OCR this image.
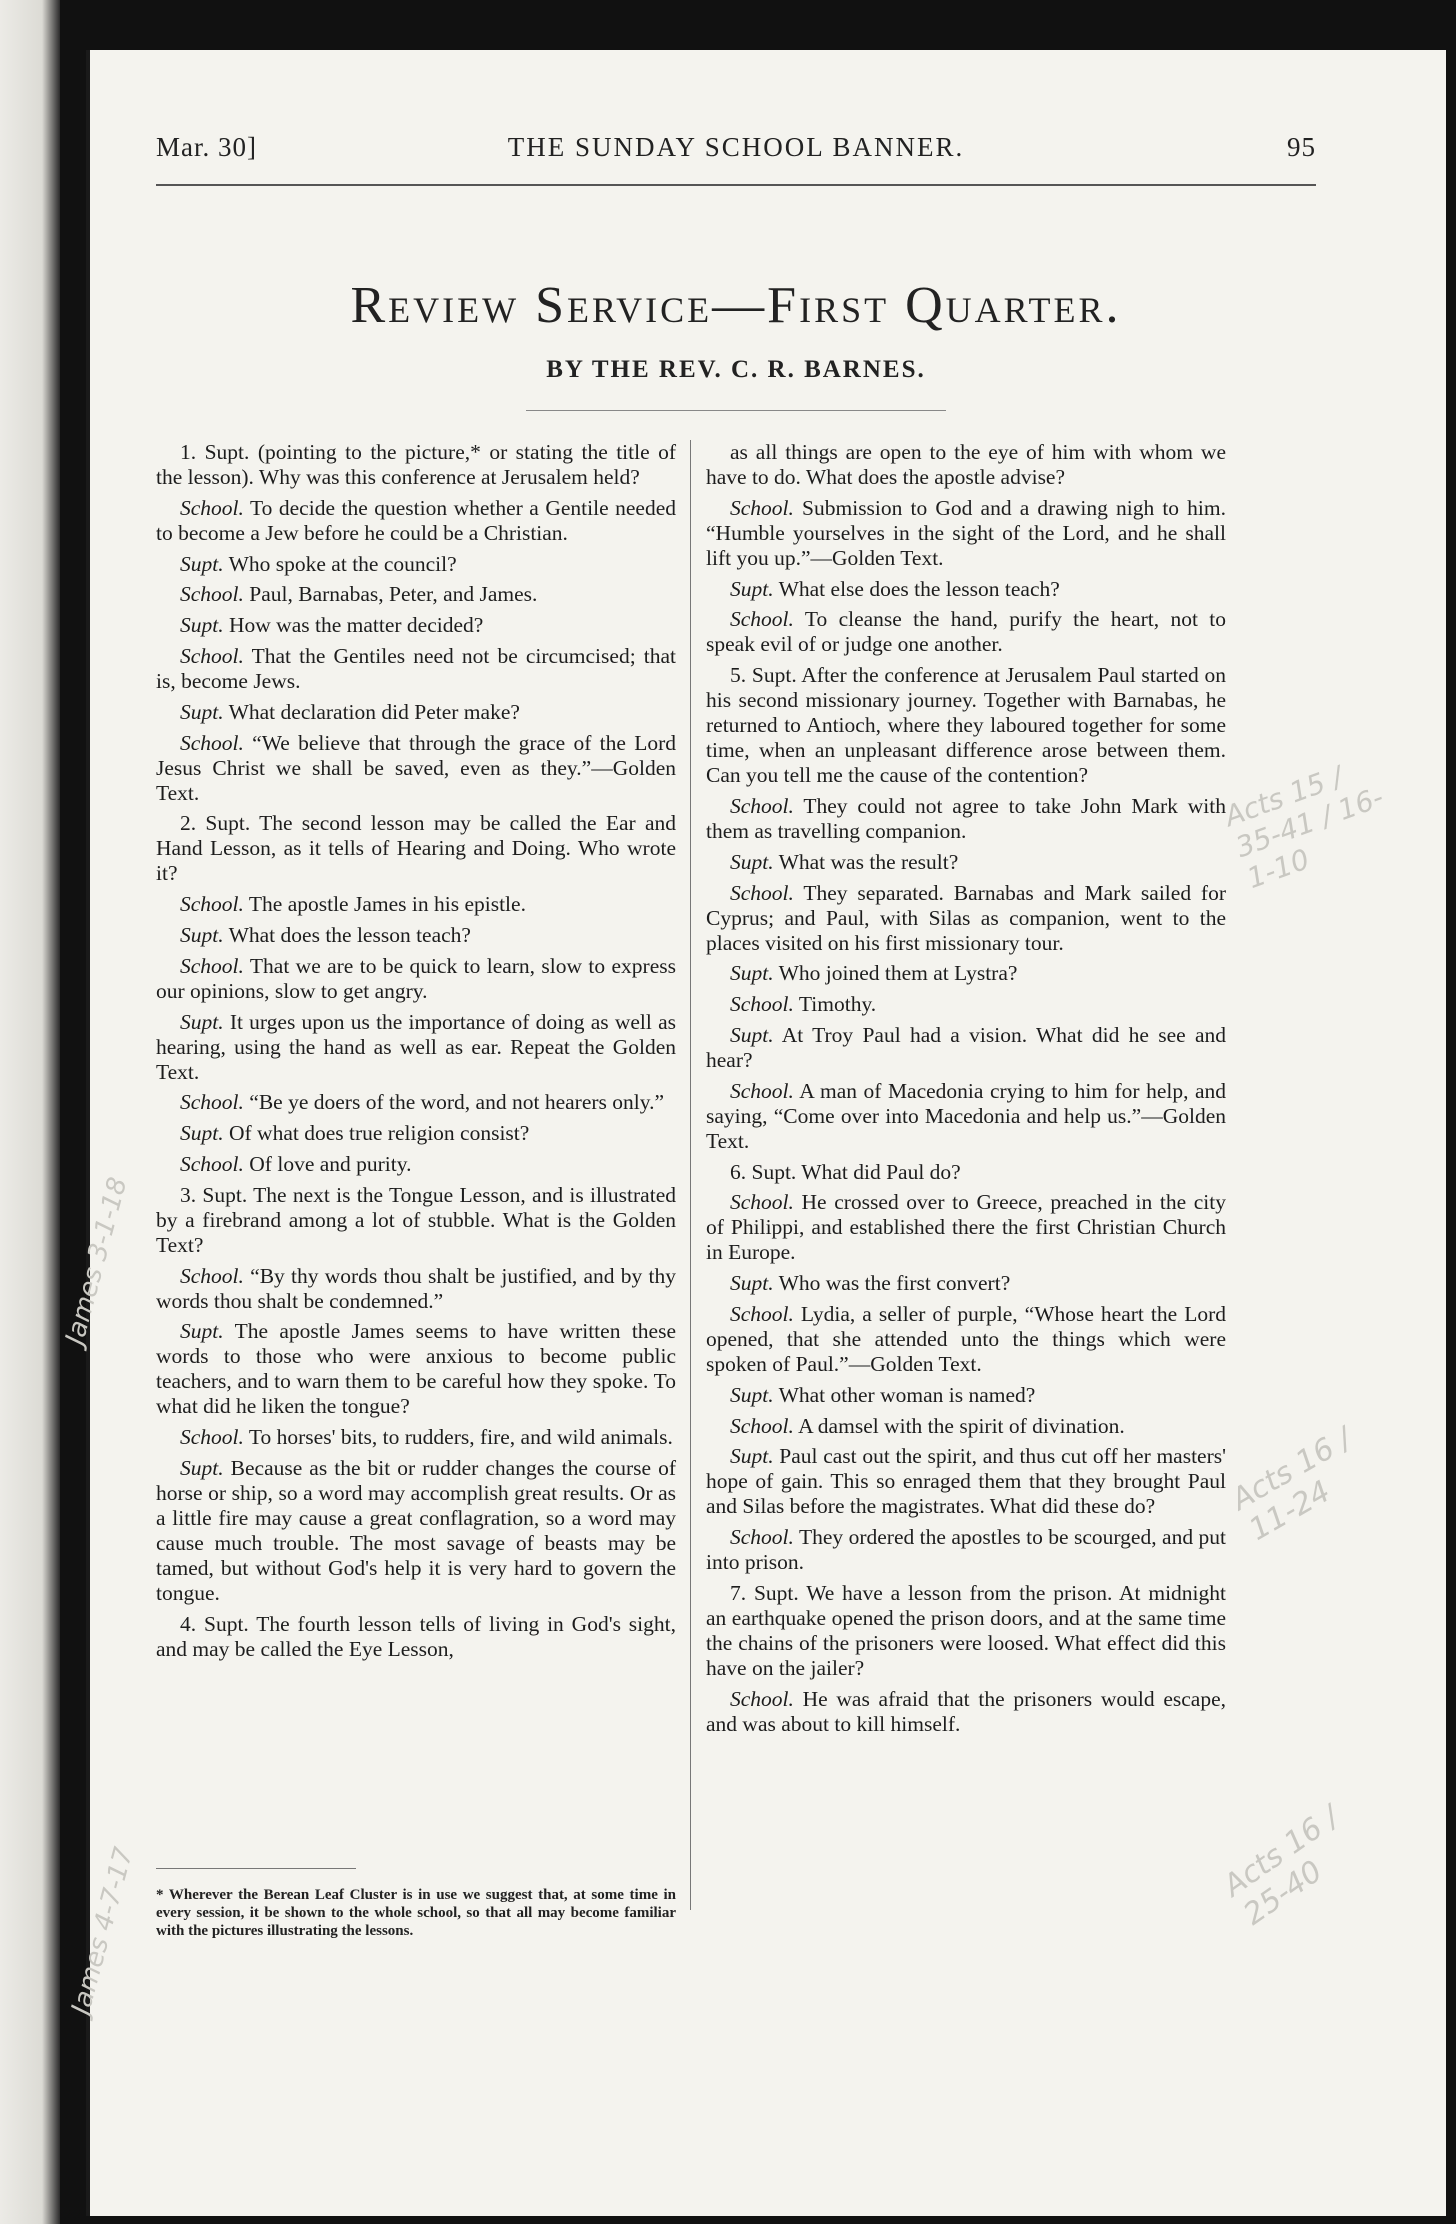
Mar. 30]	THE SUNDAY SCHOOL BANNER.	95
Review Service—First Quarter.
BY THE REV. C. R. BARNES.

1. Supt. (pointing to the picture,* or stating the title of the lesson). Why was this conference at Jerusalem held?

School. To decide the question whether a Gentile needed to become a Jew before he could be a Christian.

Supt. Who spoke at the council?

School. Paul, Barnabas, Peter, and James.

Supt. How was the matter decided?

School. That the Gentiles need not be circumcised; that is, become Jews.

Supt. What declaration did Peter make?

School. “We believe that through the grace of the Lord Jesus Christ we shall be saved, even as they.”—Golden Text.

2. Supt. The second lesson may be called the Ear and Hand Lesson, as it tells of Hearing and Doing. Who wrote it?

School. The apostle James in his epistle.

Supt. What does the lesson teach?

School. That we are to be quick to learn, slow to express our opinions, slow to get angry.

Supt. It urges upon us the importance of doing as well as hearing, using the hand as well as ear. Repeat the Golden Text.

School. “Be ye doers of the word, and not hearers only.”

Supt. Of what does true religion consist?

School. Of love and purity.

3. Supt. The next is the Tongue Lesson, and is illustrated by a firebrand among a lot of stubble. What is the Golden Text?

School. “By thy words thou shalt be justified, and by thy words thou shalt be condemned.”

Supt. The apostle James seems to have written these words to those who were anxious to become public teachers, and to warn them to be careful how they spoke. To what did he liken the tongue?

School. To horses' bits, to rudders, fire, and wild animals.

Supt. Because as the bit or rudder changes the course of horse or ship, so a word may accomplish great results. Or as a little fire may cause a great conflagration, so a word may cause much trouble. The most savage of beasts may be tamed, but without God's help it is very hard to govern the tongue.

4. Supt. The fourth lesson tells of living in God's sight, and may be called the Eye Lesson,

as all things are open to the eye of him with whom we have to do. What does the apostle advise?

School. Submission to God and a drawing nigh to him. “Humble yourselves in the sight of the Lord, and he shall lift you up.”—Golden Text.

Supt. What else does the lesson teach?

School. To cleanse the hand, purify the heart, not to speak evil of or judge one another.

5. Supt. After the conference at Jerusalem Paul started on his second missionary journey. Together with Barnabas, he returned to Antioch, where they laboured together for some time, when an unpleasant difference arose between them. Can you tell me the cause of the contention?

School. They could not agree to take John Mark with them as travelling companion.

Supt. What was the result?

School. They separated. Barnabas and Mark sailed for Cyprus; and Paul, with Silas as companion, went to the places visited on his first missionary tour.

Supt. Who joined them at Lystra?

School. Timothy.

Supt. At Troy Paul had a vision. What did he see and hear?

School. A man of Macedonia crying to him for help, and saying, “Come over into Macedonia and help us.”—Golden Text.

6. Supt. What did Paul do?

School. He crossed over to Greece, preached in the city of Philippi, and established there the first Christian Church in Europe.

Supt. Who was the first convert?

School. Lydia, a seller of purple, “Whose heart the Lord opened, that she attended unto the things which were spoken of Paul.”—Golden Text.

Supt. What other woman is named?

School. A damsel with the spirit of divination.

Supt. Paul cast out the spirit, and thus cut off her masters' hope of gain. This so enraged them that they brought Paul and Silas before the magistrates. What did these do?

School. They ordered the apostles to be scourged, and put into prison.

7. Supt. We have a lesson from the prison. At midnight an earthquake opened the prison doors, and at the same time the chains of the prisoners were loosed. What effect did this have on the jailer?

School. He was afraid that the prisoners would escape, and was about to kill himself.

* Wherever the Berean Leaf Cluster is in use we suggest that, at some time in every session, it be shown to the whole school, so that all may become familiar with the pictures illustrating the lessons.
James 3-1-18
James 4-7-17
Acts 15 / 35-41 / 16-1-10
Acts 16 / 11-24
Acts 16 / 25-40
